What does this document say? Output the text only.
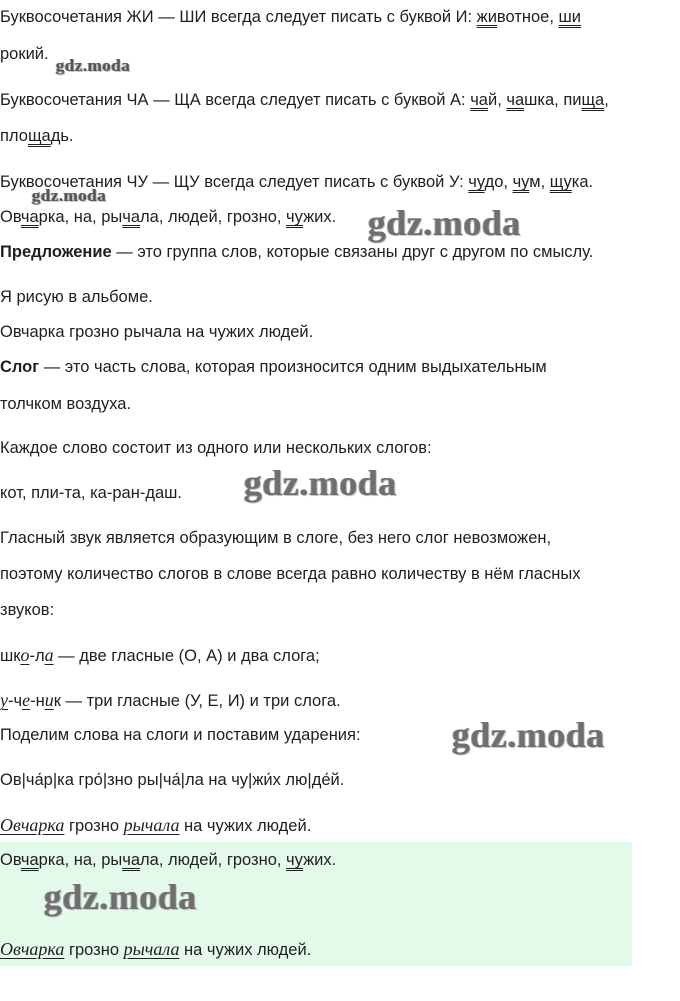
Буквосочетания ЖИ — ШИ всегда следует писать с буквой И: животное, ши
рокий.
gdz.moda
Буквосочетания ЧА — ЩА всегда следует писать с буквой А: чай, чашка, пища,
площадь.
Буквосочетания ЧУ — ЩУ всегда следует писать с буквой У: чудо, чум, щука.
gdz.moda
Овчарка, на, рычала, людей, грозно, чужих. gdz.moda
Предложение — это группа слов, которые связаны друг с другом по смыслу.
Я рисую в альбоме.
Овчарка грозно рычала на чужих людей.
Слог — это часть слова, которая произносится одним выдыхательным
толчком воздуха.
Каждое слово состоит из одного или нескольких слогов:
кот, пли-та, ка-ран-даш. gdz.moda
Гласный звук является образующим в слоге, без него слог невозможен,
поэтому количество слогов в слове всегда равно количеству в нём гласных
звуков:
шко-ла — две гласные (О, А) и два слога;
у-че-ник — три гласные (У, Е, И) и три слога.
Поделим слова на слоги и поставим ударения:	gdz.moda
Ов|ча́р|ка гро́|зно ры|ча́|ла на чу|жи́х лю|де́й.
Овчарка грозно рычала на чужих людей.
Овчарка, на, рычала, людей, грозно, чужих.
gdz.moda
Овчарка грозно рычала на чужих людей.
